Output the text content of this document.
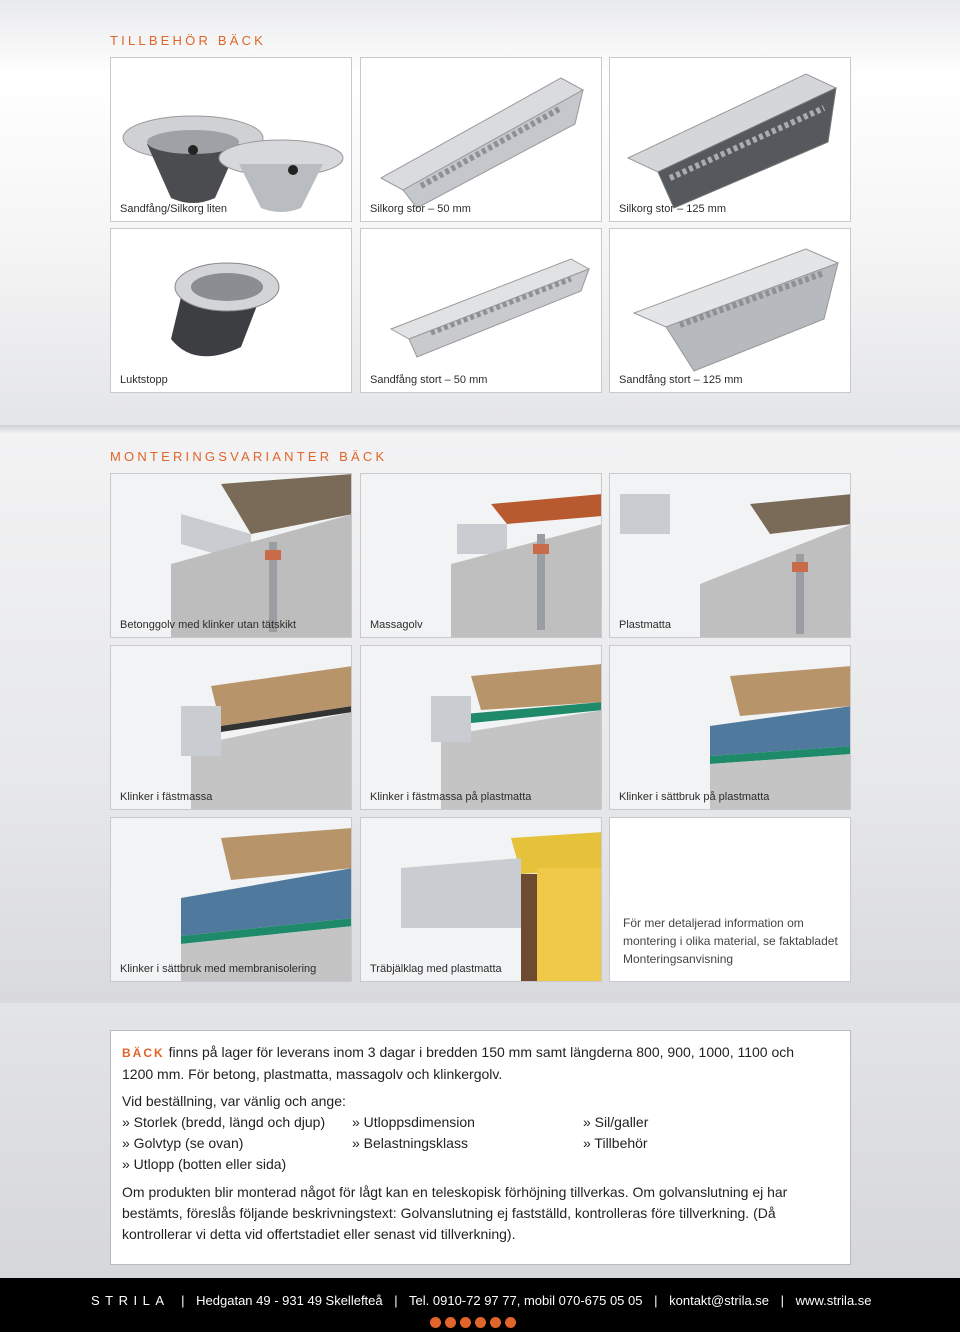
TILLBEHÖR BÄCK
Sandfång/Silkorg liten	Silkorg stor – 50 mm	Silkorg stor – 125 mm
Luktstopp	Sandfång stort – 50 mm	Sandfång stort – 125 mm
MONTERINGSVARIANTER BÄCK
Betonggolv med klinker utan tätskikt	Massagolv	Plastmatta
Klinker i fästmassa	Klinker i fästmassa på plastmatta	Klinker i sättbruk på plastmatta
Klinker i sättbruk med membranisolering	Träbjälklag med plastmatta
För mer detaljerad information om montering i olika material, se faktabladet Monteringsanvisning
BÄCK finns på lager för leverans inom 3 dagar i bredden 150 mm samt längderna 800, 900, 1000, 1100 och 1200 mm. För betong, plastmatta, massagolv och klinkergolv.
Vid beställning, var vänlig och ange:
» Storlek (bredd, längd och djup)
» Golvtyp (se ovan)
» Utlopp (botten eller sida)
» Utloppsdimension
» Belastningsklass
» Sil/galler
» Tillbehör
Om produkten blir monterad något för lågt kan en teleskopisk förhöjning tillverkas. Om golvanslutning ej har bestämts, föreslås följande beskrivningstext: Golvanslutning ej fastställd, kontrolleras före tillverkning. (Då kontrollerar vi detta vid offertstadiet eller senast vid tillverkning).
STRILA | Hedgatan 49 - 931 49 Skellefteå | Tel. 0910-72 97 77, mobil 070-675 05 05 | kontakt@strila.se | www.strila.se
